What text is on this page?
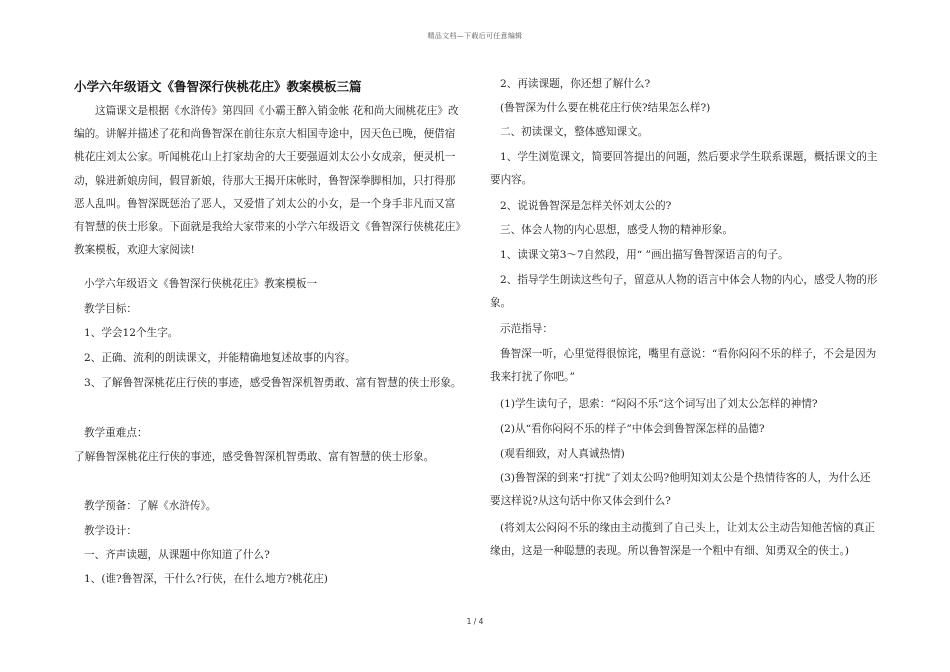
精品文档—下载后可任意编辑
小学六年级语文《鲁智深行侠桃花庄》教案模板三篇

这篇课文是根据《水浒传》第四回《小霸王醉入销金帐 花和尚大闹桃花庄》改编的。讲解并描述了花和尚鲁智深在前往东京大相国寺途中，因天色已晚，便借宿桃花庄刘太公家。听闻桃花山上打家劫舍的大王要强逼刘太公小女成亲，便灵机一动，躲进新娘房间，假冒新娘，待那大王揭开床帐时，鲁智深拳脚相加，只打得那恶人乱叫。鲁智深既惩治了恶人，又爱惜了刘太公的小女，是一个身手非凡而又富有智慧的侠士形象。下面就是我给大家带来的小学六年级语文《鲁智深行侠桃花庄》教案模板，欢迎大家阅读!

小学六年级语文《鲁智深行侠桃花庄》教案模板一

教学目标：

1、学会12个生字。

2、正确、流利的朗读课文，并能精确地复述故事的内容。

3、了解鲁智深桃花庄行侠的事迹，感受鲁智深机智勇敢、富有智慧的侠士形象。

教学重难点：

了解鲁智深桃花庄行侠的事迹，感受鲁智深机智勇敢、富有智慧的侠士形象。

教学预备：了解《水浒传》。

教学设计：

一、齐声读题，从课题中你知道了什么?

1、(谁?鲁智深，干什么?行侠，在什么地方?桃花庄)

2、再读课题，你还想了解什么?

(鲁智深为什么要在桃花庄行侠?结果怎么样?)

二、初读课文，整体感知课文。

1、学生浏览课文，简要回答提出的问题，然后要求学生联系课题，概括课文的主要内容。

2、说说鲁智深是怎样关怀刘太公的?

三、体会人物的内心思想，感受人物的精神形象。

1、读课文第3～7自然段，用“ ”画出描写鲁智深语言的句子。

2、指导学生朗读这些句子，留意从人物的语言中体会人物的内心，感受人物的形象。

示范指导：

鲁智深一听，心里觉得很惊诧，嘴里有意说：“看你闷闷不乐的样子，不会是因为我来打扰了你吧。”

(1)学生读句子，思索：“闷闷不乐”这个词写出了刘太公怎样的神情?

(2)从“看你闷闷不乐的样子”中体会到鲁智深怎样的品德?

(观看细致，对人真诚热情)

(3)鲁智深的到来“打扰”了刘太公吗?他明知刘太公是个热情待客的人，为什么还要这样说?从这句话中你又体会到什么?

(将刘太公闷闷不乐的缘由主动揽到了自己头上，让刘太公主动告知他苦恼的真正缘由，这是一种聪慧的表现。所以鲁智深是一个粗中有细、知勇双全的侠士。)

1 / 4
